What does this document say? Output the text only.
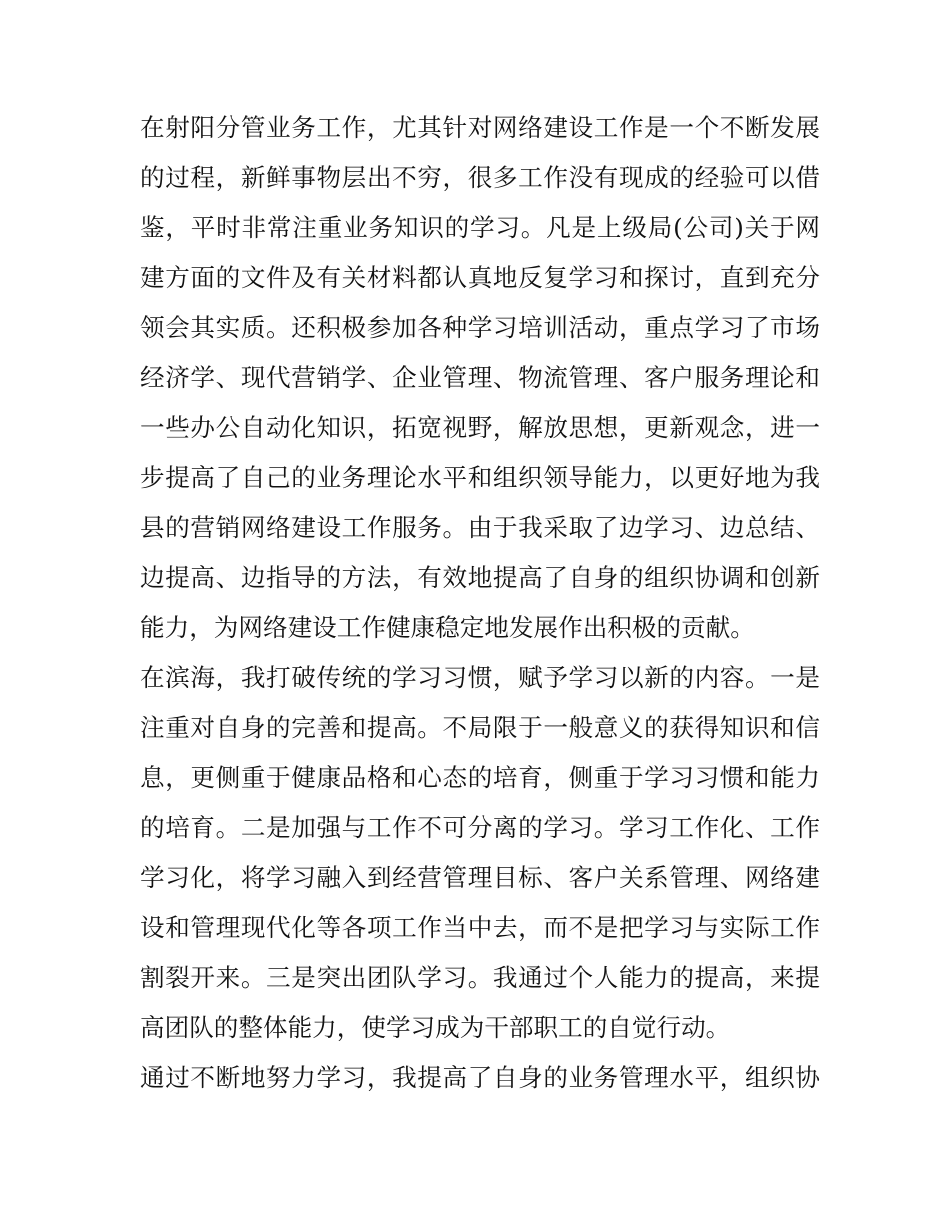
在射阳分管业务工作，尤其针对网络建设工作是一个不断发展
的过程，新鲜事物层出不穷，很多工作没有现成的经验可以借
鉴，平时非常注重业务知识的学习。凡是上级局(公司)关于网
建方面的文件及有关材料都认真地反复学习和探讨，直到充分
领会其实质。还积极参加各种学习培训活动，重点学习了市场
经济学、现代营销学、企业管理、物流管理、客户服务理论和
一些办公自动化知识，拓宽视野，解放思想，更新观念，进一
步提高了自己的业务理论水平和组织领导能力，以更好地为我
县的营销网络建设工作服务。由于我采取了边学习、边总结、
边提高、边指导的方法，有效地提高了自身的组织协调和创新
能力，为网络建设工作健康稳定地发展作出积极的贡献。
在滨海，我打破传统的学习习惯，赋予学习以新的内容。一是
注重对自身的完善和提高。不局限于一般意义的获得知识和信
息，更侧重于健康品格和心态的培育，侧重于学习习惯和能力
的培育。二是加强与工作不可分离的学习。学习工作化、工作
学习化，将学习融入到经营管理目标、客户关系管理、网络建
设和管理现代化等各项工作当中去，而不是把学习与实际工作
割裂开来。三是突出团队学习。我通过个人能力的提高，来提
高团队的整体能力，使学习成为干部职工的自觉行动。
通过不断地努力学习，我提高了自身的业务管理水平，组织协
